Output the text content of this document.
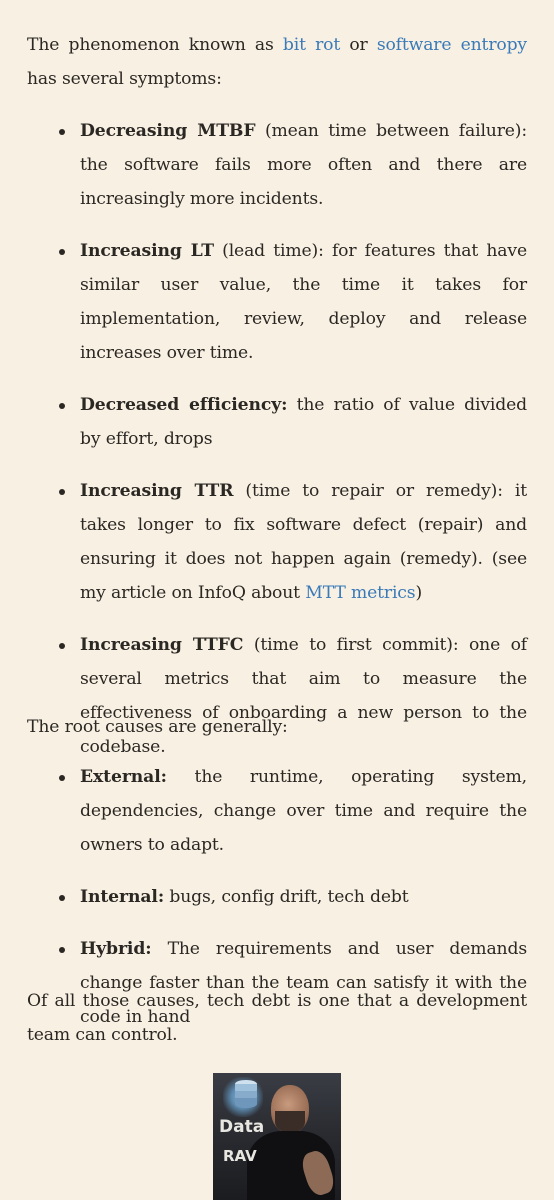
The phenomenon known as bit rot or software entropy has several symptoms:

Decreasing MTBF (mean time between failure): the software fails more often and there are increasingly more incidents.
Increasing LT (lead time): for features that have similar user value, the time it takes for implementation, review, deploy and release increases over time.
Decreased efficiency: the ratio of value divided by effort, drops
Increasing TTR (time to repair or remedy): it takes longer to fix software defect (repair) and ensuring it does not happen again (remedy). (see my article on InfoQ about MTT metrics)
Increasing TTFC (time to first commit): one of several metrics that aim to measure the effectiveness of onboarding a new person to the codebase.

The root causes are generally:

External: the runtime, operating system, dependencies, change over time and require the owners to adapt.
Internal: bugs, config drift, tech debt
Hybrid: The requirements and user demands change faster than the team can satisfy it with the code in hand

Of all those causes, tech debt is one that a development team can control.

Data
RAV
